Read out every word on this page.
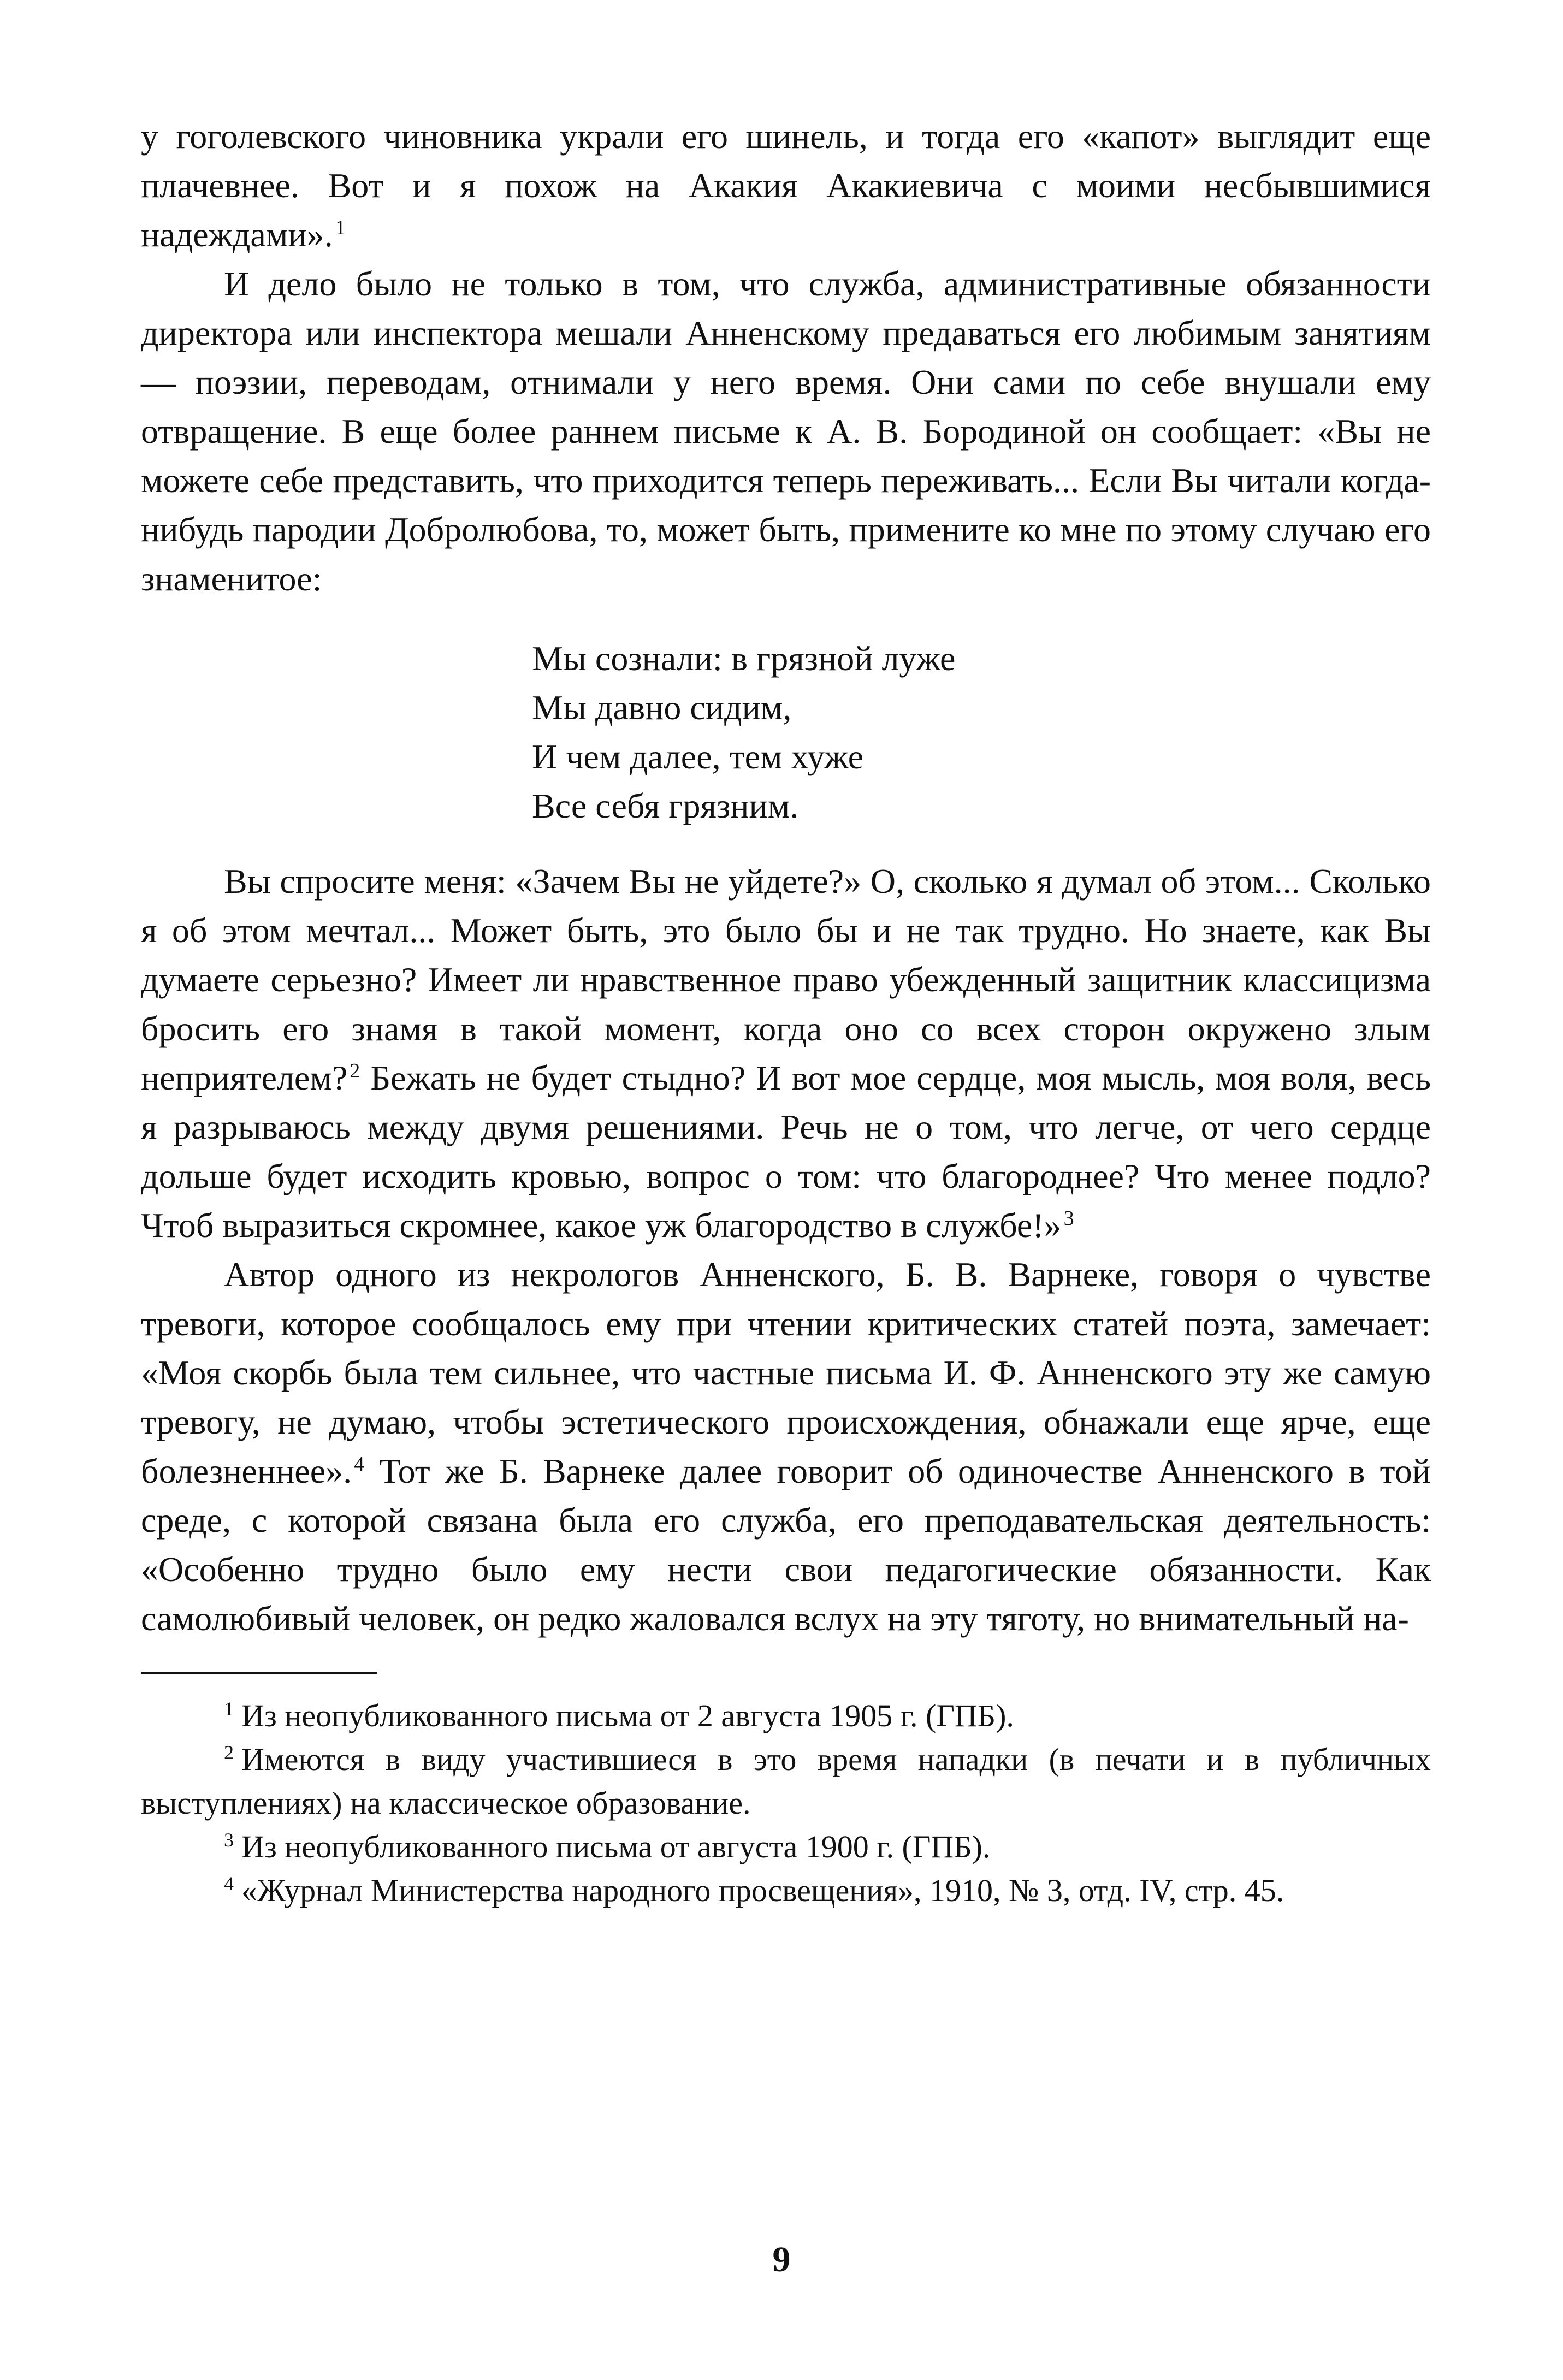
у гоголевского чиновника украли его шинель, и тогда его «капот» выглядит еще плачевнее. Вот и я похож на Акакия Акакиевича с моими несбывшимися надеждами». $^1$

И дело было не только в том, что служба, административные обязанности директора или инспектора мешали Анненскому предаваться его любимым занятиям — поэзии, переводам, отнимали у него время. Они сами по себе внушали ему отвращение. В еще более раннем письме к А. В. Бородиной он сообщает: «Вы не можете себе представить, что приходится теперь переживать... Если Вы читали когда-нибудь пародии Добролюбова, то, может быть, примените ко мне по этому случаю его знаменитое:

Мы сознали: в грязной луже
Мы давно сидим,
И чем далее, тем хуже
Все себя грязним.

Вы спросите меня: «Зачем Вы не уйдете?» О, сколько я думал об этом... Сколько я об этом мечтал... Может быть, это было бы и не так трудно. Но знаете, как Вы думаете серьезно? Имеет ли нравственное право убежденный защитник классицизма бросить его знамя в такой момент, когда оно со всех сторон окружено злым неприятелем? $^2$ Бежать не будет стыдно? И вот мое сердце, моя мысль, моя воля, весь я разрываюсь между двумя решениями. Речь не о том, что легче, от чего сердце дольше будет исходить кровью, вопрос о том: что благороднее? Что менее подло? Чтоб выразиться скромнее, какое уж благородство в службе!» $^3$

Автор одного из некрологов Анненского, Б. В. Варнеке, говоря о чувстве тревоги, которое сообщалось ему при чтении критических статей поэта, замечает: «Моя скорбь была тем сильнее, что частные письма И. Ф. Анненского эту же самую тревогу, не думаю, чтобы эстетического происхождения, обнажали еще ярче, еще болезненнее». $^4$ Тот же Б. Варнеке далее говорит об одиночестве Анненского в той среде, с которой связана была его служба, его преподавательская деятельность: «Особенно трудно было ему нести свои педагогические обязанности. Как самолюбивый человек, он редко жаловался вслух на эту тяготу, но внимательный на-

$^1$ Из неопубликованного письма от 2 августа 1905 г. (ГПБ).

$^2$ Имеются в виду участившиеся в это время нападки (в печати и в публичных выступлениях) на классическое образование.

$^3$ Из неопубликованного письма от августа 1900 г. (ГПБ).

$^4$ «Журнал Министерства народного просвещения», 1910, № 3, отд. IV, стр. 45.

9
